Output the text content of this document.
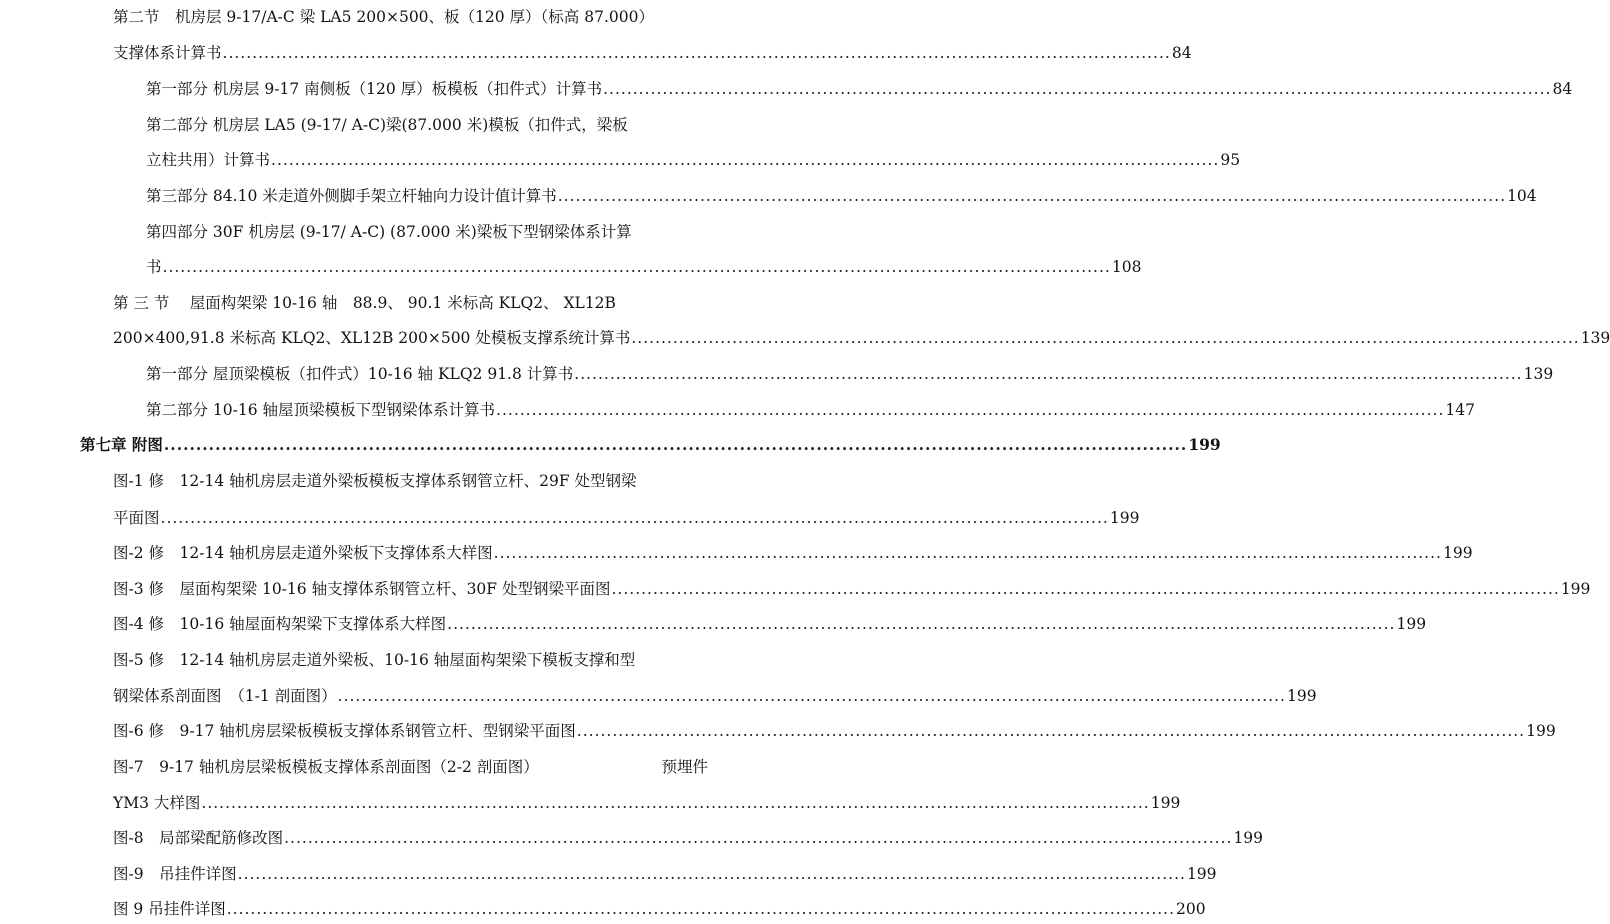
第二节　机房层 9-17/A-C 梁 LA5 200×500、板（120 厚）（标高 87.000）
支撑体系计算书 ................................................................................................................................................................ 84
第一部分 机房层 9-17 南侧板（120 厚）板模板（扣件式）计算书 ................................................................................................................................................................ 84
第二部分 机房层 LA5 (9-17/ A-C)梁(87.000 米)模板（扣件式，梁板
立柱共用）计算书 ................................................................................................................................................................ 95
第三部分 84.10 米走道外侧脚手架立杆轴向力设计值计算书 ................................................................................................................................................................ 104
第四部分 30F 机房层 (9-17/ A-C) (87.000 米)梁板下型钢梁体系计算
书 ................................................................................................................................................................ 108
第 三 节　 屋面构架梁 10-16 轴　88.9、 90.1 米标高 KLQ2、 XL12B
200×400,91.8 米标高 KLQ2、XL12B 200×500 处模板支撑系统计算书 ................................................................................................................................................................ 139
第一部分 屋顶梁模板（扣件式）10-16 轴 KLQ2 91.8 计算书 ................................................................................................................................................................ 139
第二部分 10-16 轴屋顶梁模板下型钢梁体系计算书 ................................................................................................................................................................ 147
第七章 附图 ................................................................................................................................................................ 199
图-1 修　12-14 轴机房层走道外梁板模板支撑体系钢管立杆、29F 处型钢梁
平面图 ................................................................................................................................................................ 199
图-2 修　12-14 轴机房层走道外梁板下支撑体系大样图 ................................................................................................................................................................ 199
图-3 修　屋面构架梁 10-16 轴支撑体系钢管立杆、30F 处型钢梁平面图 ................................................................................................................................................................ 199
图-4 修　10-16 轴屋面构架梁下支撑体系大样图 ................................................................................................................................................................ 199
图-5 修　12-14 轴机房层走道外梁板、10-16 轴屋面构架梁下模板支撑和型
钢梁体系剖面图　（1-1 剖面图） ................................................................................................................................................................ 199
图-6 修　9-17 轴机房层梁板模板支撑体系钢管立杆、型钢梁平面图 ................................................................................................................................................................ 199
图-7　9-17 轴机房层梁板模板支撑体系剖面图（2-2 剖面图）	预埋件
YM3 大样图 ................................................................................................................................................................ 199
图-8　局部梁配筋修改图 ................................................................................................................................................................ 199
图-9　吊挂件详图 ................................................................................................................................................................ 199
图 9 吊挂件详图 ................................................................................................................................................................ 200
